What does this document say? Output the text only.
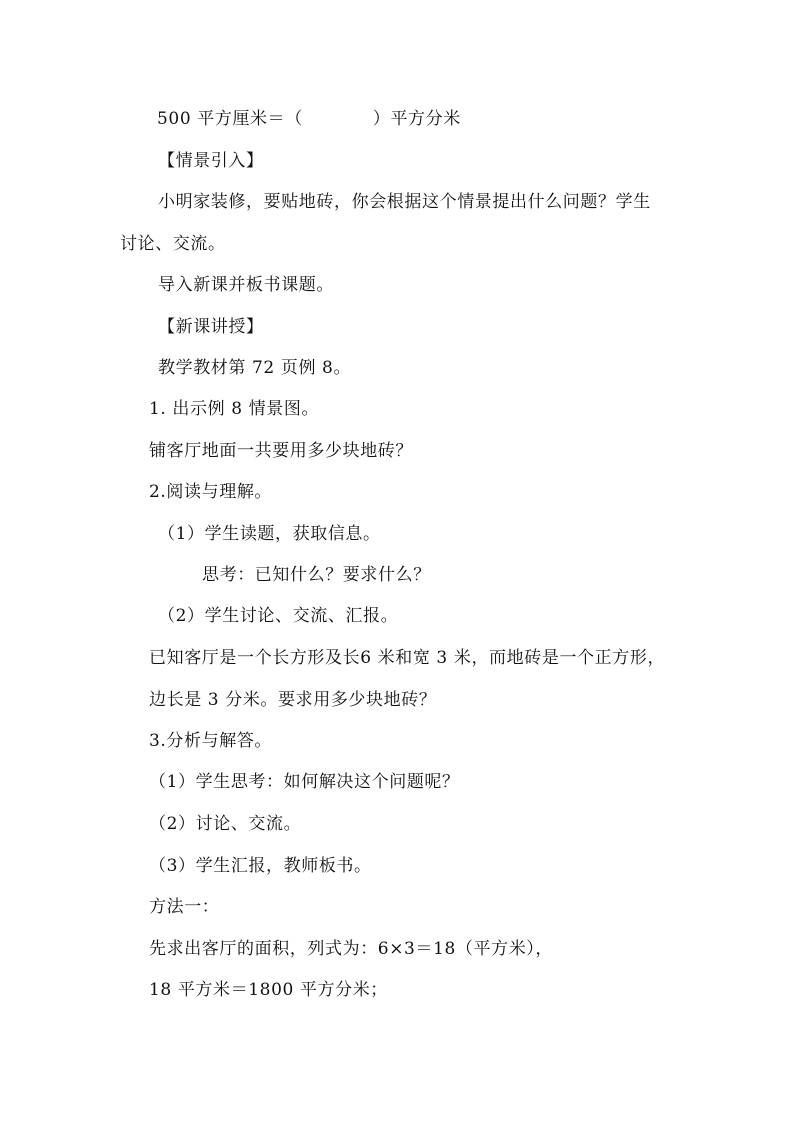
500 平方厘米＝（	）平方分米
【情景引入】
小明家装修，要贴地砖，你会根据这个情景提出什么问题？学生
讨论、交流。
导入新课并板书课题。
【新课讲授】
教学教材第 72 页例 8。
1. 出示例 8 情景图。
铺客厅地面一共要用多少块地砖？
2.阅读与理解。
（1）学生读题，获取信息。
思考：已知什么？要求什么？
（2）学生讨论、交流、汇报。
已知客厅是一个长方形及长6 米和宽 3 米，而地砖是一个正方形，
边长是 3 分米。要求用多少块地砖？
3.分析与解答。
（1）学生思考：如何解决这个问题呢？
（2）讨论、交流。
（3）学生汇报，教师板书。
方法一：
先求出客厅的面积，列式为：6×3＝18（平方米），
18 平方米＝1800 平方分米；
